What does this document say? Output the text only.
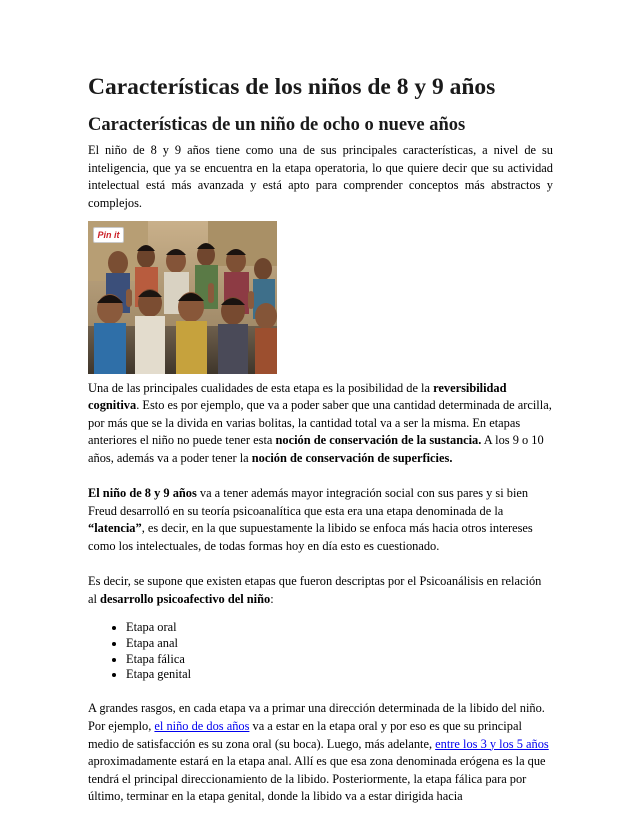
Características de los niños de 8 y 9 años
Características de un niño de ocho o nueve años

El niño de 8 y 9 años tiene como una de sus principales características, a nivel de su inteligencia, que ya se encuentra en la etapa operatoria, lo que quiere decir que su actividad intelectual está más avanzada y está apto para comprender conceptos más abstractos y complejos.

Pin it

Una de las principales cualidades de esta etapa es la posibilidad de la reversibilidad cognitiva. Esto es por ejemplo, que va a poder saber que una cantidad determinada de arcilla, por más que se la divida en varias bolitas, la cantidad total va a ser la misma. En etapas anteriores el niño no puede tener esta noción de conservación de la sustancia. A los 9 o 10 años, además va a poder tener la noción de conservación de superficies.

El niño de 8 y 9 años va a tener además mayor integración social con sus pares y si bien Freud desarrolló en su teoría psicoanalítica que esta era una etapa denominada de la “latencia”, es decir, en la que supuestamente la libido se enfoca más hacia otros intereses como los intelectuales, de todas formas hoy en día esto es cuestionado.

Es decir, se supone que existen etapas que fueron descriptas por el Psicoanálisis en relación al desarrollo psicoafectivo del niño:

• Etapa oral
• Etapa anal
• Etapa fálica
• Etapa genital

A grandes rasgos, en cada etapa va a primar una dirección determinada de la libido del niño. Por ejemplo, el niño de dos años va a estar en la etapa oral y por eso es que su principal medio de satisfacción es su zona oral (su boca). Luego, más adelante, entre los 3 y los 5 años aproximadamente estará en la etapa anal. Allí es que esa zona denominada erógena es la que tendrá el principal direccionamiento de la libido. Posteriormente, la etapa fálica para por último, terminar en la etapa genital, donde la libido va a estar dirigida hacia
